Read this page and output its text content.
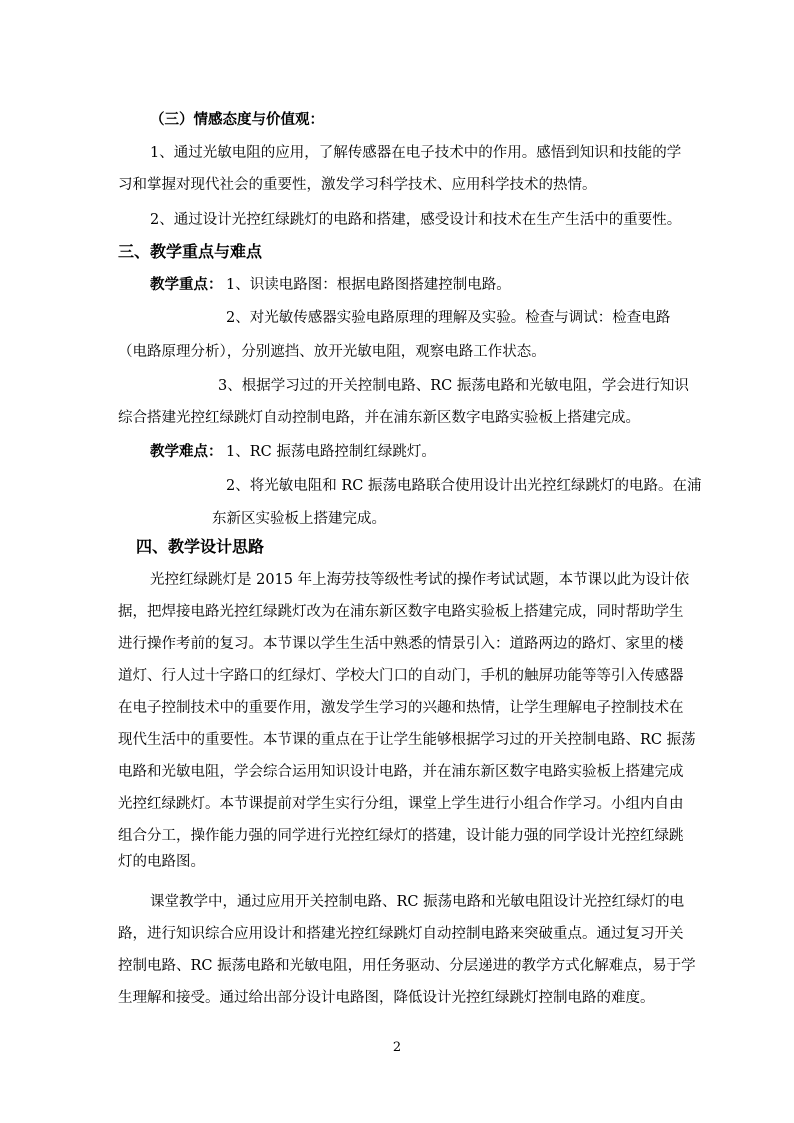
（三）情感态度与价值观：
1、通过光敏电阻的应用，了解传感器在电子技术中的作用。感悟到知识和技能的学
习和掌握对现代社会的重要性，激发学习科学技术、应用科学技术的热情。
2、通过设计光控红绿跳灯的电路和搭建，感受设计和技术在生产生活中的重要性。
三、教学重点与难点
教学重点： 1、识读电路图：根据电路图搭建控制电路。
2、对光敏传感器实验电路原理的理解及实验。检查与调试：检查电路
（电路原理分析），分别遮挡、放开光敏电阻，观察电路工作状态。
3、根据学习过的开关控制电路、RC 振荡电路和光敏电阻，学会进行知识
综合搭建光控红绿跳灯自动控制电路，并在浦东新区数字电路实验板上搭建完成。
教学难点： 1、RC 振荡电路控制红绿跳灯。
2、将光敏电阻和 RC 振荡电路联合使用设计出光控红绿跳灯的电路。在浦
东新区实验板上搭建完成。
四、教学设计思路
光控红绿跳灯是 2015 年上海劳技等级性考试的操作考试试题，本节课以此为设计依
据，把焊接电路光控红绿跳灯改为在浦东新区数字电路实验板上搭建完成，同时帮助学生
进行操作考前的复习。本节课以学生生活中熟悉的情景引入：道路两边的路灯、家里的楼
道灯、行人过十字路口的红绿灯、学校大门口的自动门，手机的触屏功能等等引入传感器
在电子控制技术中的重要作用，激发学生学习的兴趣和热情，让学生理解电子控制技术在
现代生活中的重要性。本节课的重点在于让学生能够根据学习过的开关控制电路、RC 振荡
电路和光敏电阻，学会综合运用知识设计电路，并在浦东新区数字电路实验板上搭建完成
光控红绿跳灯。本节课提前对学生实行分组，课堂上学生进行小组合作学习。小组内自由
组合分工，操作能力强的同学进行光控红绿灯的搭建，设计能力强的同学设计光控红绿跳
灯的电路图。
课堂教学中，通过应用开关控制电路、RC 振荡电路和光敏电阻设计光控红绿灯的电
路，进行知识综合应用设计和搭建光控红绿跳灯自动控制电路来突破重点。通过复习开关
控制电路、RC 振荡电路和光敏电阻，用任务驱动、分层递进的教学方式化解难点，易于学
生理解和接受。通过给出部分设计电路图，降低设计光控红绿跳灯控制电路的难度。
2
